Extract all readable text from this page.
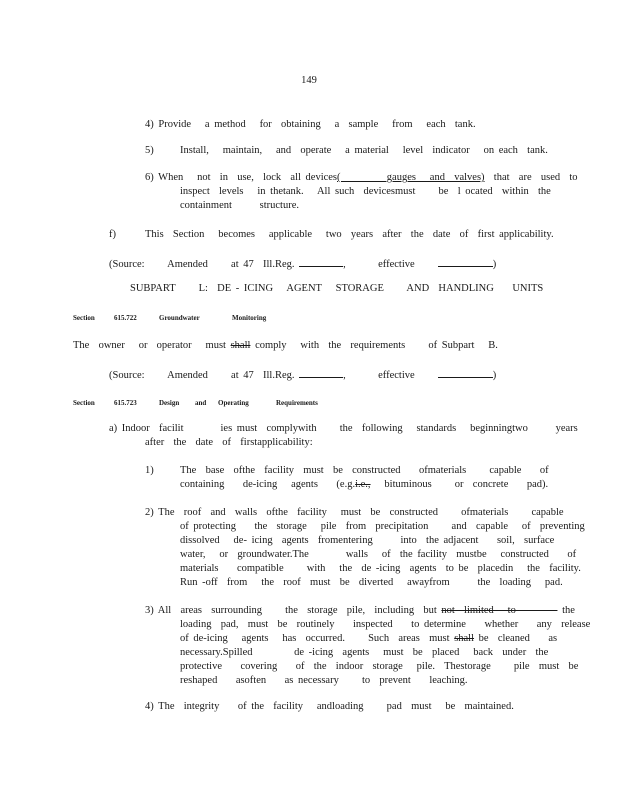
149
4) Provide   a method   for  obtaining   a  sample   from   each  tank.
5)	Install,   maintain,   and  operate   a material   level  indicator   on each  tank.
6) When   not  in  use,  lock  all devices(          gauges   and  valves)  that  are  used  to
inspect  levels   in thetank.   All such  devicesmust     be  l ocated  within  the
containment      structure.
f)	This  Section   becomes   applicable   two  years  after  the  date  of  first applicability.
(Source:     Amended     at 47  Ill.Reg.	,       effective	)
SUBPART     L:  DE - ICING   AGENT   STORAGE     AND  HANDLING    UNITS
Section	615.722	Groundwater	Monitoring
The  owner   or  operator   must shall comply   with  the  requirements     of Subpart   B.
(Source:     Amended     at 47  Ill.Reg.	,       effective	)
Section	615.723	Design and Operating	Requirements
a) Indoor  facilit        ies must  complywith     the  following   standards   beginningtwo      years
after  the  date  of  firstapplicability:
1)	The  base  ofthe  facility  must  be  constructed    ofmaterials     capable    of
containing    de-icing   agents    (e.g.i.e.,   bituminous     or  concrete    pad).
2) The  roof  and  walls  ofthe  facility   must  be  constructed     ofmaterials     capable
of protecting    the  storage   pile  from  precipitation     and  capable   of  preventing
dissolved   de- icing  agents  fromentering      into  the adjacent    soil,  surface
water,   or  groundwater.The        walls   of  the facility  mustbe   constructed    of
materials    compatible     with   the  de -icing  agents  to be  placedin   the  facility.
Run -off  from   the  roof  must  be  diverted   awayfrom      the  loading   pad.
3) All  areas  surrounding     the  storage  pile,  including  but not  limited   to          the
loading  pad,  must  be  routinely    inspected    to determine    whether    any  release
of de-icing   agents   has  occurred.     Such  areas  must shall be  cleaned    as
necessary.Spilled         de -icing  agents   must  be  placed   back  under  the
protective    covering    of  the  indoor  storage   pile.  Thestorage     pile  must  be
reshaped    asoften    as necessary     to  prevent    leaching.
4) The  integrity    of the  facility   andloading     pad  must   be  maintained.
